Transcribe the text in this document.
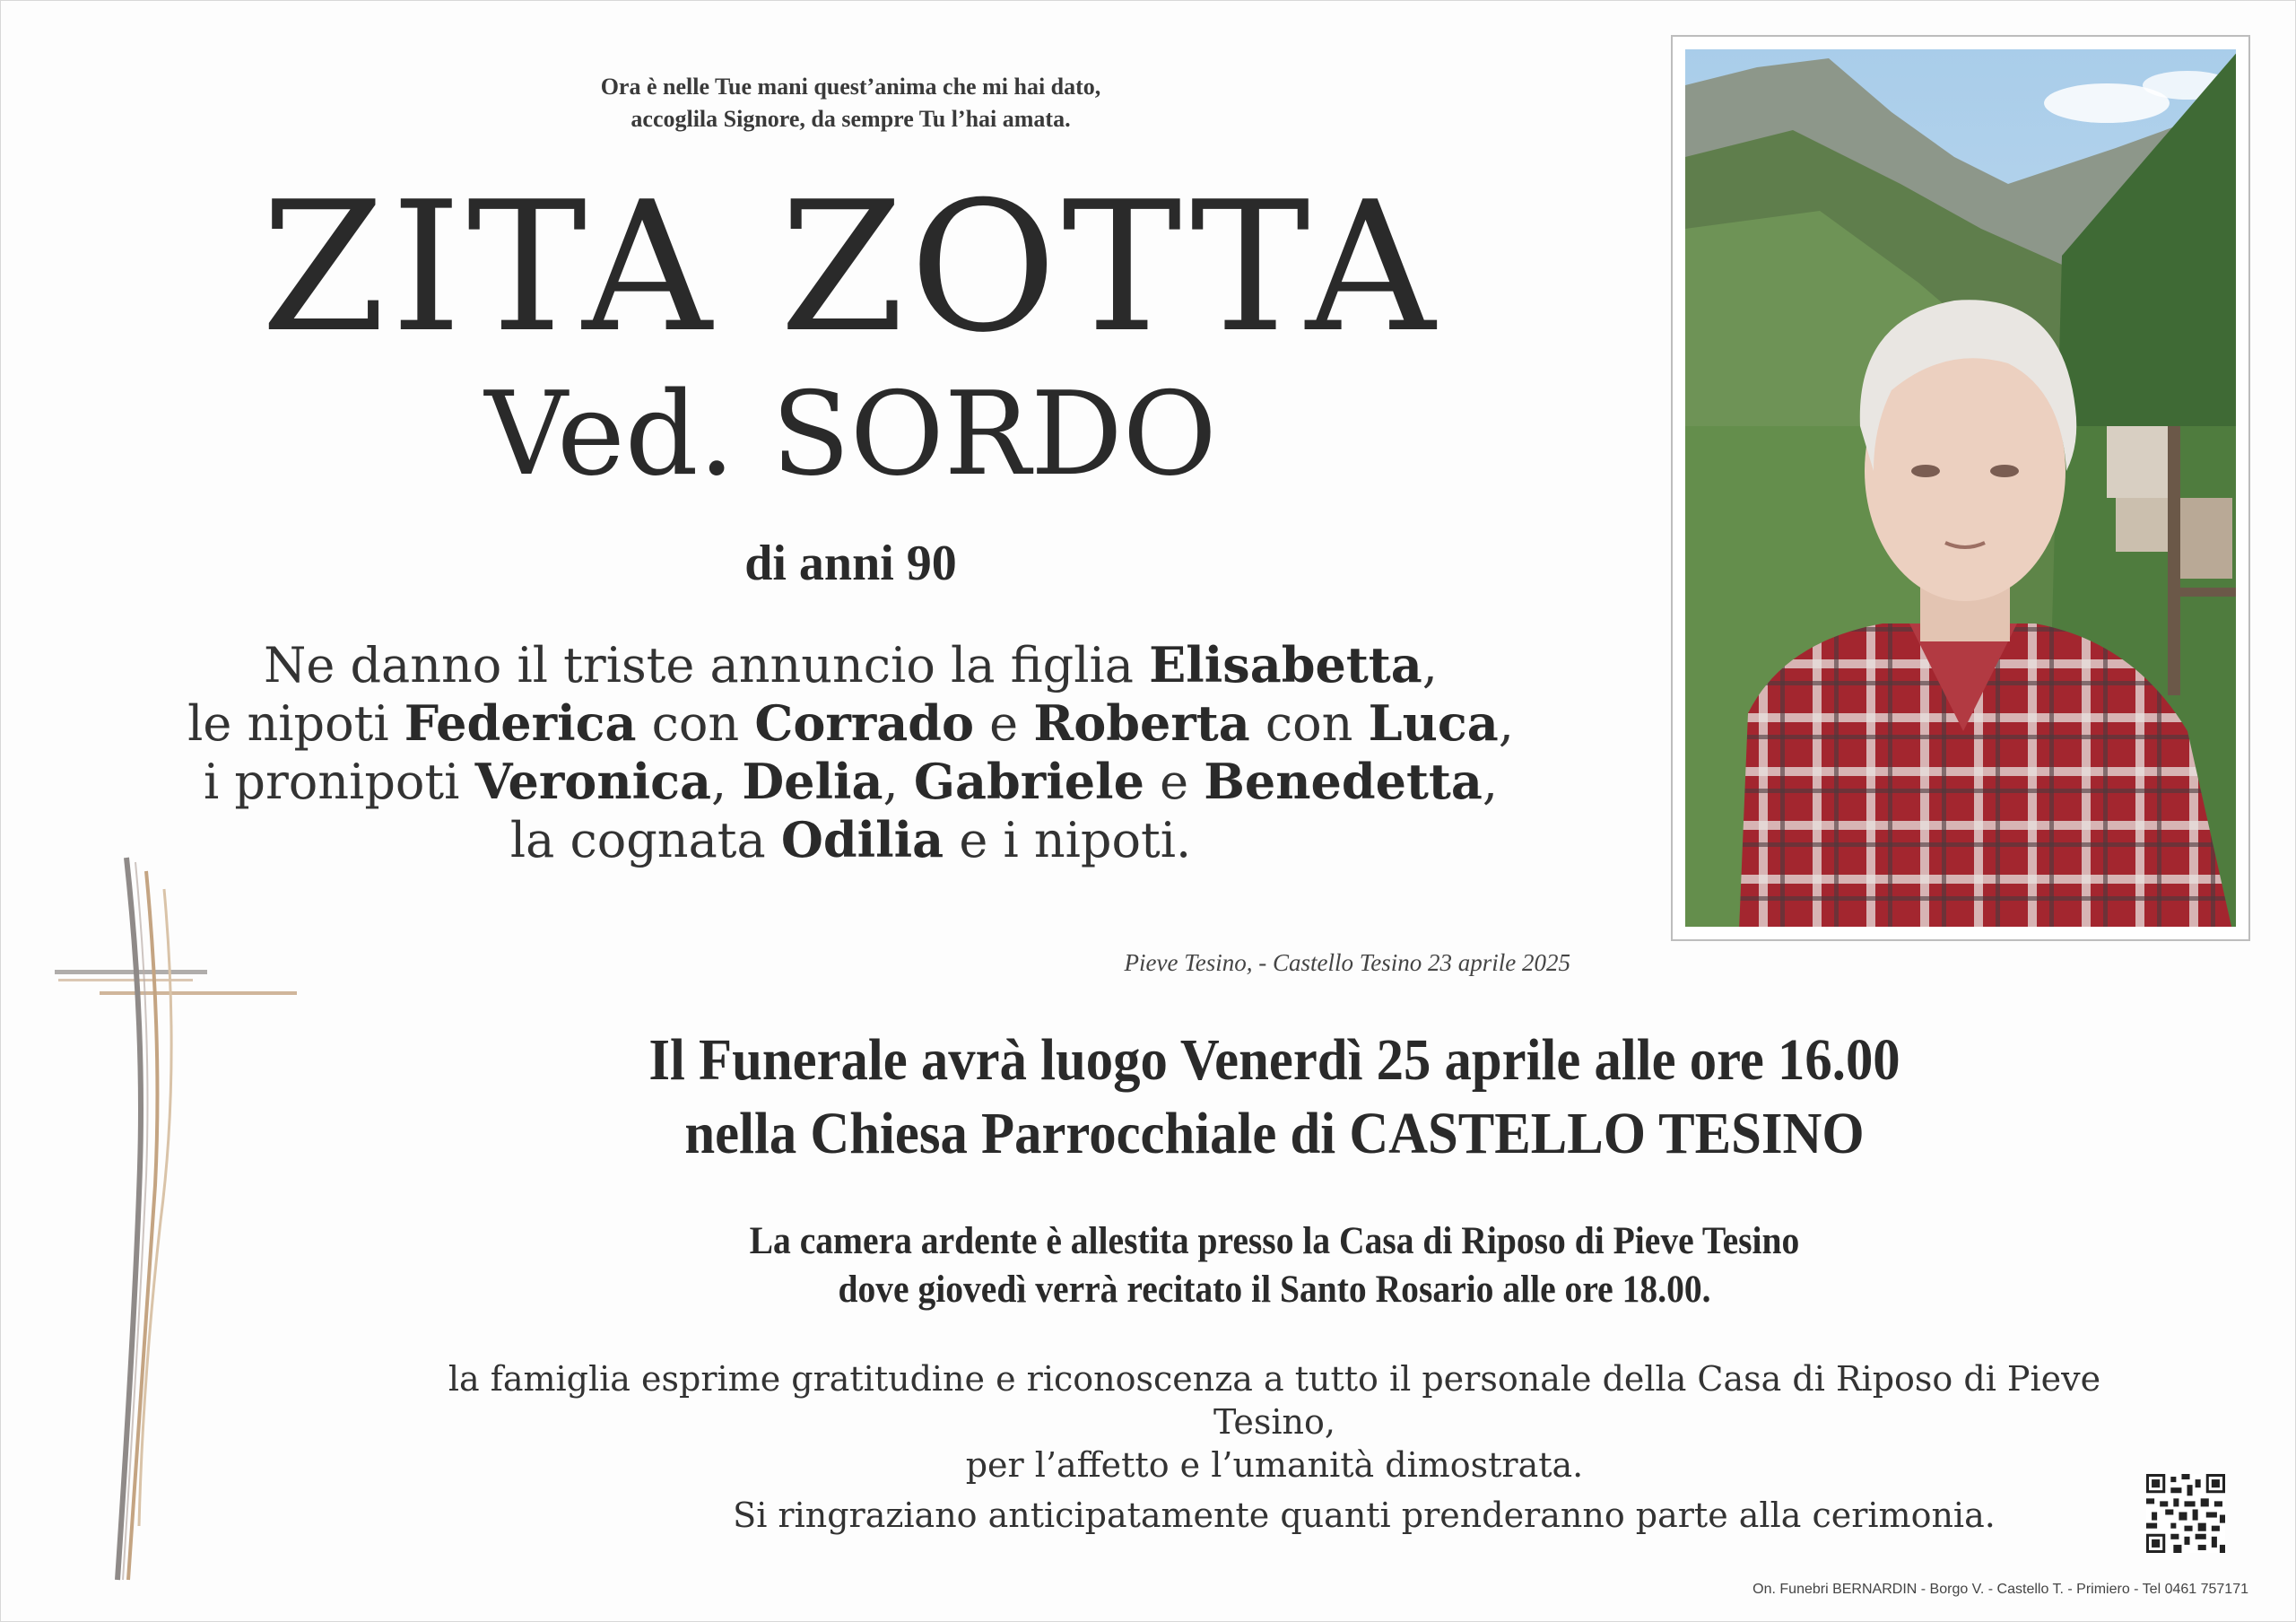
Ora è nelle Tue mani quest’anima che mi hai dato,
accoglila Signore, da sempre Tu l’hai amata.
ZITA ZOTTA
Ved. SORDO
di anni 90
Ne danno il triste annuncio la figlia Elisabetta,
le nipoti Federica con Corrado e Roberta con Luca,
i pronipoti Veronica, Delia, Gabriele e Benedetta,
la cognata Odilia e i nipoti.
Pieve Tesino, - Castello Tesino 23 aprile 2025
Il Funerale avrà luogo Venerdì 25 aprile alle ore 16.00
nella Chiesa Parrocchiale di CASTELLO TESINO
La camera ardente è allestita presso la Casa di Riposo di Pieve Tesino
dove giovedì verrà recitato il Santo Rosario alle ore 18.00.
la famiglia esprime gratitudine e riconoscenza a tutto il personale della Casa di Riposo di Pieve Tesino,
per l’affetto e l’umanità dimostrata.
Si ringraziano anticipatamente quanti prenderanno parte alla cerimonia.
On. Funebri BERNARDIN - Borgo V. - Castello T. - Primiero - Tel 0461 757171
